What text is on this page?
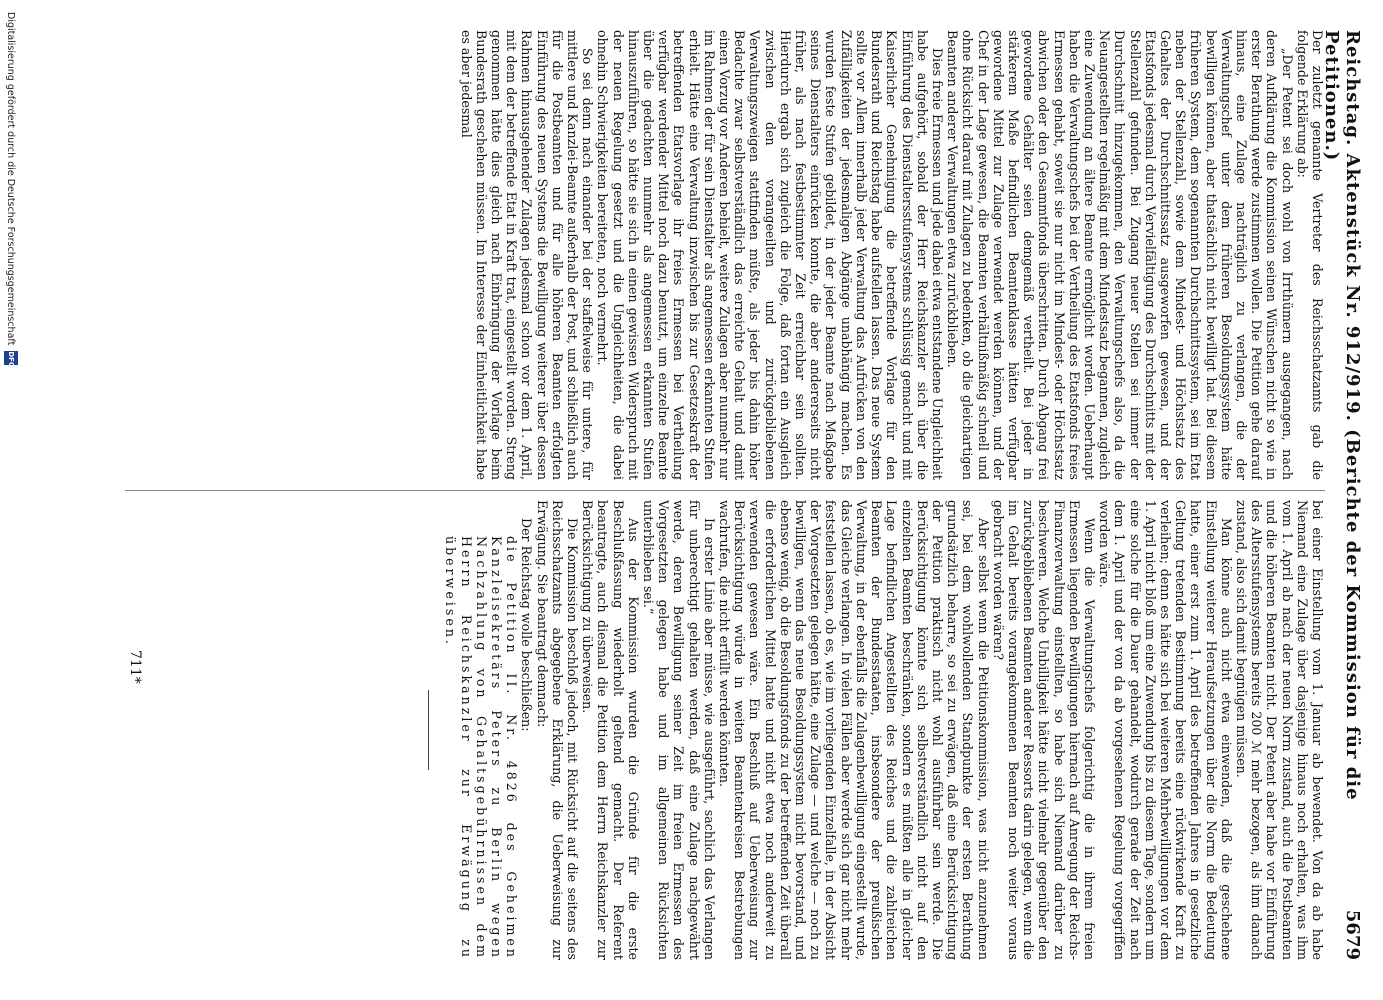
Reichstag. Aktenstück Nr. 912/919. (Berichte der Kommission für die Petitionen.)
5679

Der zuletzt genannte Vertreter des Reichsschatzamts gab die folgende Erklärung ab:

„Der Petent sei doch wohl von Irrthümern ausgegangen, nach deren Aufklärung die Kommission seinen Wünschen nicht so wie in erster Berathung werde zustimmen wollen. Die Petition gehe darauf hinaus, eine Zulage nachträglich zu verlangen, die der Verwaltungschef unter dem früheren Besoldungssystem hätte bewilligen können, aber thatsächlich nicht bewilligt hat. Bei diesem früheren System, dem sogenannten Durchschnittssystem, sei im Etat neben der Stellenzahl, sowie dem Mindest- und Höchstsatz des Gehaltes der Durchschnittssatz ausgeworfen gewesen, und der Etatsfonds jedesmal durch Vervielfältigung des Durchschnitts mit der Stellenzahl gefunden. Bei Zugang neuer Stellen sei immer der Durchschnitt hinzugekommen, den Verwaltungschefs also, da die Neuangestellten regelmäßig mit dem Mindestsatz begannen, zugleich eine Zuwendung an ältere Beamte ermöglicht worden. Ueberhaupt haben die Verwaltungschefs bei der Vertheilung des Etatsfonds freies Ermessen gehabt, soweit sie nur nicht im Mindest- oder Höchstsatz abwichen oder den Gesammtfonds überschritten. Durch Abgang frei gewordene Gehälter seien demgemäß vertheilt. Bei jeder in stärkerem Maße befindlichen Beamtenklasse hätten verfügbar gewordene Mittel zur Zulage verwendet werden können, und der Chef in der Lage gewesen, die Beamten verhältnißmäßig schnell und ohne Rücksicht darauf mit Zulagen zu bedenken, ob die gleichartigen Beamten anderer Verwaltungen etwa zurückblieben.

Dies freie Ermessen und jede dabei etwa entstandene Ungleichheit habe aufgehört, sobald der Herr Reichskanzler sich über die Einführung des Dienstaltersstufensystems schlüssig gemacht und mit Kaiserlicher Genehmigung die betreffende Vorlage für den Bundesrath und Reichstag habe aufstellen lassen. Das neue System sollte vor Allem innerhalb jeder Verwaltung das Aufrücken von den Zufälligkeiten der jedesmaligen Abgänge unabhängig machen. Es wurden feste Stufen gebildet, in der jeder Beamte nach Maßgabe seines Dienstalters einrücken konnte, die aber andererseits nicht früher, als nach festbestimmter Zeit erreichbar sein sollten. Hierdurch ergab sich zugleich die Folge, daß fortan ein Ausgleich zwischen den vorangeeilten und zurückgebliebenen Verwaltungszweigen stattfinden müßte, als jeder bis dahin höher Bedachte zwar selbstverständlich das erreichte Gehalt und damit einen Vorzug vor Anderen behielt, weitere Zulagen aber nunmehr nur im Rahmen der für sein Dienstalter als angemessen erkannten Stufen erhielt. Hätte eine Verwaltung inzwischen bis zur Gesetzeskraft der betreffenden Etatsvorlage ihr freies Ermessen bei Vertheilung verfügbar werdender Mittel noch dazu benutzt, um einzelne Beamte über die gedachten nunmehr als angemessen erkannten Stufen hinauszuführen, so hätte sie sich in einen gewissen Widerspruch mit der neuen Regelung gesetzt und die Ungleichheiten, die dabei ohnehin Schwierigkeiten bereiteten, noch vermehrt.

So sei denn nach einander bei der staffelweise für untere, für mittlere und Kanzlei-Beamte außerhalb der Post, und schließlich auch für die Postbeamten und für alle höheren Beamten erfolgten Einführung des neuen Systems die Bewilligung weiterer über dessen Rahmen hinausgehender Zulagen jedesmal schon vor dem 1. April, mit dem der betreffende Etat in Kraft trat, eingestellt worden. Streng genommen hätte dies gleich nach Einbringung der Vorlage beim Bundesrath geschehen müssen. Im Interesse der Einheitlichkeit habe es aber jedesmal

bei einer Einstellung vom 1. Januar ab bewendet. Von da ab habe Niemand eine Zulage über dasjenige hinaus noch erhalten, was ihm vom 1. April ab nach der neuen Norm zustand, auch die Postbeamten und die höheren Beamten nicht. Der Petent aber habe vor Einführung des Altersstufensystems bereits 200 ℳ mehr bezogen, als ihm danach zustand, also sich damit begnügen müssen.

Man könne auch nicht etwa einwenden, daß die geschehene Einstellung weiterer Heraufsetzungen über die Norm die Bedeutung hatte, einer erst zum 1. April des betreffenden Jahres in gesetzliche Geltung tretenden Bestimmung bereits eine rückwirkende Kraft zu verleihen; denn es hätte sich bei weiteren Mehrbewilligungen vor dem 1. April nicht bloß um eine Zuwendung bis zu diesem Tage, sondern um eine solche für die Dauer gehandelt, wodurch gerade der Zeit nach dem 1. April und der von da ab vorgesehenen Regelung vorgegriffen worden wäre.

Wenn die Verwaltungschefs folgerichtig die in ihrem freien Ermessen liegenden Bewilligungen hiernach auf Anregung der Reichs-Finanzverwaltung einstellten, so habe sich Niemand darüber zu beschweren. Welche Unbilligkeit hätte nicht vielmehr gegenüber den zurückgebliebenen Beamten anderer Ressorts darin gelegen, wenn die im Gehalt bereits vorangekommenen Beamten noch weiter voraus gebracht worden wären?

Aber selbst wenn die Petitionskommission, was nicht anzunehmen sei, bei dem wohlwollenden Standpunkte der ersten Berathung grundsätzlich beharre, so sei zu erwägen, daß eine Berücksichtigung der Petition praktisch nicht wohl ausführbar sein werde. Die Berücksichtigung könnte sich selbstverständlich nicht auf den einzelnen Beamten beschränken, sondern es müßten alle in gleicher Lage befindlichen Angestellten des Reiches und die zahlreichen Beamten der Bundesstaaten, insbesondere der preußischen Verwaltung, in der ebenfalls die Zulagenbewilligung eingestellt wurde, das Gleiche verlangen. In vielen Fällen aber werde sich gar nicht mehr feststellen lassen, ob es, wie im vorliegenden Einzelfalle, in der Absicht der Vorgesetzten gelegen hätte, eine Zulage — und welche — noch zu bewilligen, wenn das neue Besoldungssystem nicht bevorstand, und ebenso wenig, ob die Besoldungsfonds zu der betreffenden Zeit überall die erforderlichen Mittel hatte und nicht etwa noch anderweit zu verwenden gewesen wäre. Ein Beschluß auf Ueberweisung zur Berücksichtigung würde in weiten Beamtenkreisen Bestrebungen wachrufen, die nicht erfüllt werden könnten.

In erster Linie aber müsse, wie ausgeführt, sachlich das Verlangen für unberechtigt gehalten werden, daß eine Zulage nachgewährt werde, deren Bewilligung seiner Zeit im freien Ermessen des Vorgesetzten gelegen habe und im allgemeinen Rücksichten unterblieben sei.“

Aus der Kommission wurden die Gründe für die erste Beschlußfassung wiederholt geltend gemacht. Der Referent beantragte, auch diesmal die Petition dem Herrn Reichskanzler zur Berücksichtigung zu überweisen.

Die Kommission beschloß jedoch, mit Rücksicht auf die seitens des Reichsschatzamts abgegebene Erklärung, die Ueberweisung zur Erwägung. Sie beantragt demnach:

Der Reichstag wolle beschließen:

die Petition II. Nr. 4826 des Geheimen Kanzleisekretärs Peters zu Berlin wegen Nachzahlung von Gehaltsgebührnissen dem Herrn Reichskanzler zur Erwägung zu überweisen.

711*
Digitalisierung gefördert durch die Deutsche Forschungsgemeinschaft
DFG
